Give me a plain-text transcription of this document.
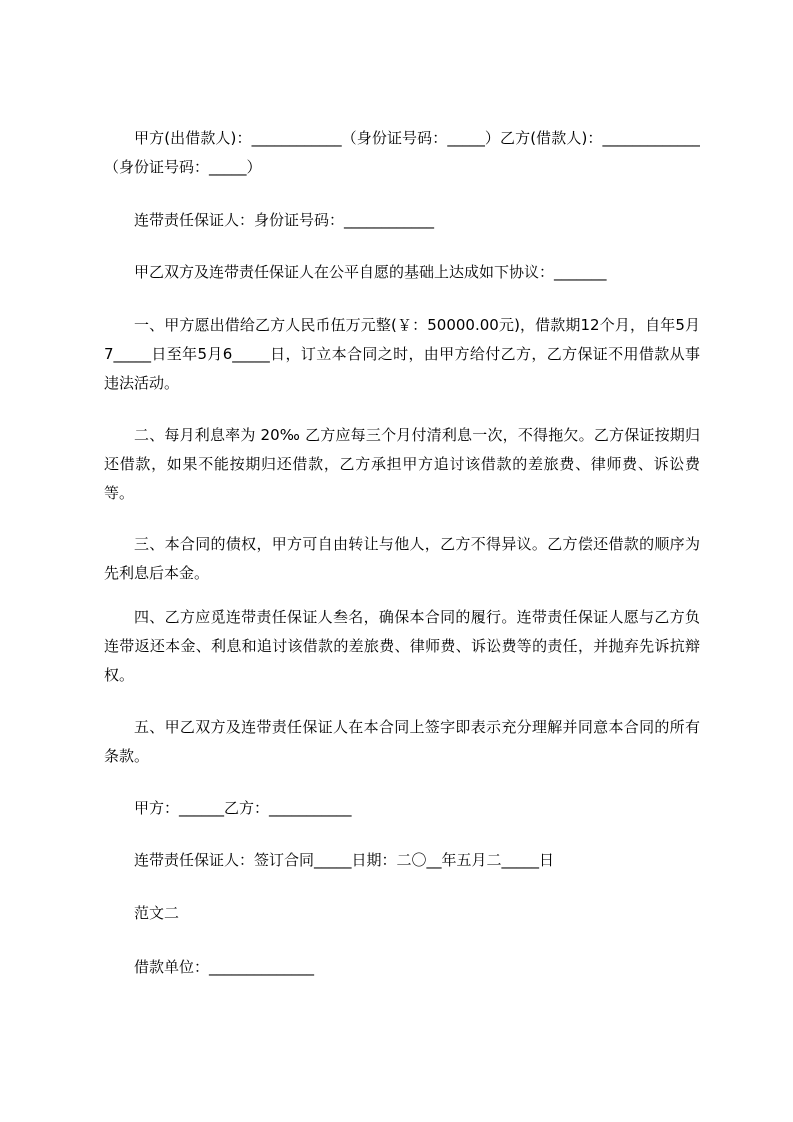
甲方(出借款人)：____________（身份证号码：_____）乙方(借款人)：_____________（身份证号码：_____）
连带责任保证人：身份证号码：____________
甲乙双方及连带责任保证人在公平自愿的基础上达成如下协议：_______
一、甲方愿出借给乙方人民币伍万元整(￥：50000.00元)，借款期12个月，自年5月7_____日至年5月6_____日，订立本合同之时，由甲方给付乙方，乙方保证不用借款从事违法活动。
二、每月利息率为 20‰ 乙方应每三个月付清利息一次，不得拖欠。乙方保证按期归还借款，如果不能按期归还借款，乙方承担甲方追讨该借款的差旅费、律师费、诉讼费等。
三、本合同的债权，甲方可自由转让与他人，乙方不得异议。乙方偿还借款的顺序为先利息后本金。
四、乙方应觅连带责任保证人叁名，确保本合同的履行。连带责任保证人愿与乙方负连带返还本金、利息和追讨该借款的差旅费、律师费、诉讼费等的责任，并抛弃先诉抗辩权。
五、甲乙双方及连带责任保证人在本合同上签字即表示充分理解并同意本合同的所有条款。
甲方：______乙方：___________
连带责任保证人：签订合同_____日期：二〇__年五月二_____日
范文二
借款单位：______________
